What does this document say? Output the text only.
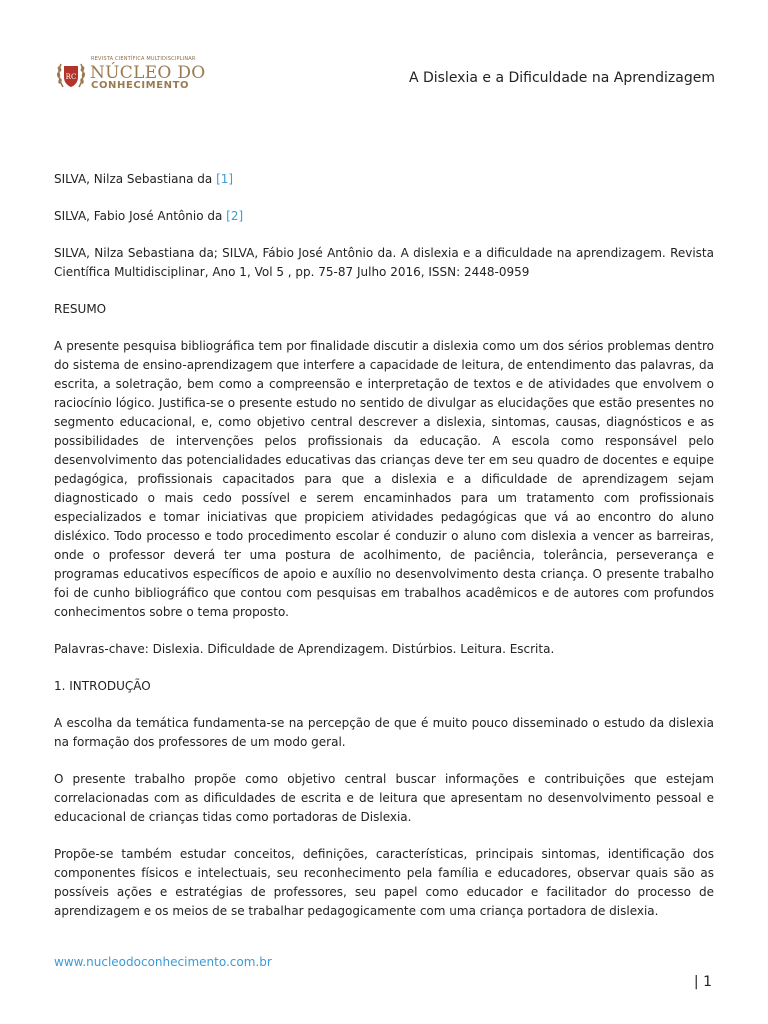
RC
REVISTA CIENTÍFICA MULTIDISCIPLINAR
NÚCLEO DO
CONHECIMENTO	A Dislexia e a Dificuldade na Aprendizagem

SILVA, Nilza Sebastiana da [1]

SILVA, Fabio José Antônio da [2]

SILVA, Nilza Sebastiana da; SILVA, Fábio José Antônio da. A dislexia e a dificuldade na aprendizagem. Revista Científica Multidisciplinar, Ano 1, Vol 5 , pp. 75-87 Julho 2016, ISSN: 2448-0959

RESUMO

A presente pesquisa bibliográfica tem por finalidade discutir a dislexia como um dos sérios problemas dentro do sistema de ensino-aprendizagem que interfere a capacidade de leitura, de entendimento das palavras, da escrita, a soletração, bem como a compreensão e interpretação de textos e de atividades que envolvem o raciocínio lógico. Justifica-se o presente estudo no sentido de divulgar as elucidações que estão presentes no segmento educacional, e, como objetivo central descrever a dislexia, sintomas, causas, diagnósticos e as possibilidades de intervenções pelos profissionais da educação. A escola como responsável pelo desenvolvimento das potencialidades educativas das crianças deve ter em seu quadro de docentes e equipe pedagógica, profissionais capacitados para que a dislexia e a dificuldade de aprendizagem sejam diagnosticado o mais cedo possível e serem encaminhados para um tratamento com profissionais especializados e tomar iniciativas que propiciem atividades pedagógicas que vá ao encontro do aluno disléxico. Todo processo e todo procedimento escolar é conduzir o aluno com dislexia a vencer as barreiras, onde o professor deverá ter uma postura de acolhimento, de paciência, tolerância, perseverança e programas educativos específicos de apoio e auxílio no desenvolvimento desta criança. O presente trabalho foi de cunho bibliográfico que contou com pesquisas em trabalhos acadêmicos e de autores com profundos conhecimentos sobre o tema proposto.

Palavras-chave: Dislexia. Dificuldade de Aprendizagem. Distúrbios. Leitura. Escrita.

1. INTRODUÇÃO

A escolha da temática fundamenta-se na percepção de que é muito pouco disseminado o estudo da dislexia na formação dos professores de um modo geral.

O presente trabalho propõe como objetivo central buscar informações e contribuições que estejam correlacionadas com as dificuldades de escrita e de leitura que apresentam no desenvolvimento pessoal e educacional de crianças tidas como portadoras de Dislexia.

Propõe-se também estudar conceitos, definições, características, principais sintomas, identificação dos componentes físicos e intelectuais, seu reconhecimento pela família e educadores, observar quais são as possíveis ações e estratégias de professores, seu papel como educador e facilitador do processo de aprendizagem e os meios de se trabalhar pedagogicamente com uma criança portadora de dislexia.

www.nucleodoconhecimento.com.br
| 1
